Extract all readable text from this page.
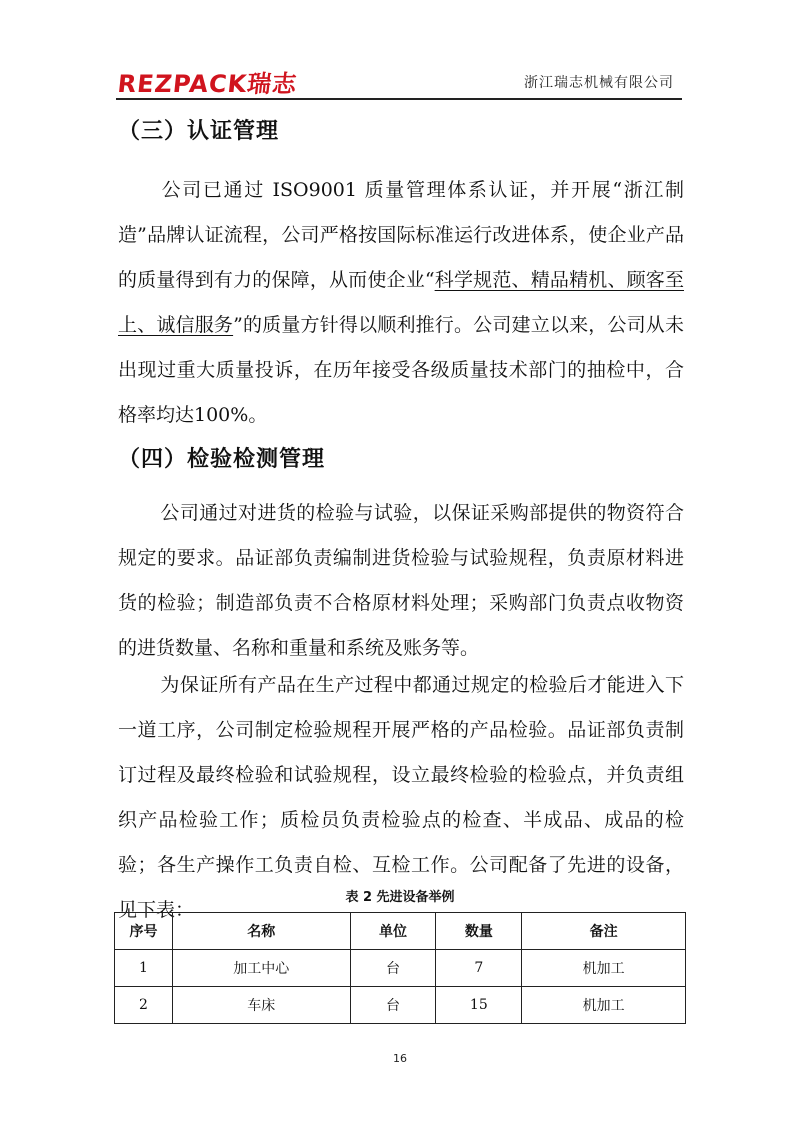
REZPACK瑞志	浙江瑞志机械有限公司
（三）认证管理
公司已通过 ISO9001 质量管理体系认证，并开展“浙江制造”品牌认证流程，公司严格按国际标准运行改进体系，使企业产品的质量得到有力的保障，从而使企业“科学规范、精品精机、顾客至上、诚信服务”的质量方针得以顺利推行。公司建立以来，公司从未出现过重大质量投诉，在历年接受各级质量技术部门的抽检中，合格率均达100%。
（四）检验检测管理
公司通过对进货的检验与试验，以保证采购部提供的物资符合规定的要求。品证部负责编制进货检验与试验规程，负责原材料进货的检验；制造部负责不合格原材料处理；采购部门负责点收物资的进货数量、名称和重量和系统及账务等。
为保证所有产品在生产过程中都通过规定的检验后才能进入下一道工序，公司制定检验规程开展严格的产品检验。品证部负责制订过程及最终检验和试验规程，设立最终检验的检验点，并负责组织产品检验工作；质检员负责检验点的检查、半成品、成品的检验；各生产操作工负责自检、互检工作。公司配备了先进的设备，见下表：
表 2 先进设备举例
序号	名称	单位	数量	备注
1	加工中心	台	7	机加工
2	车床	台	15	机加工
16
